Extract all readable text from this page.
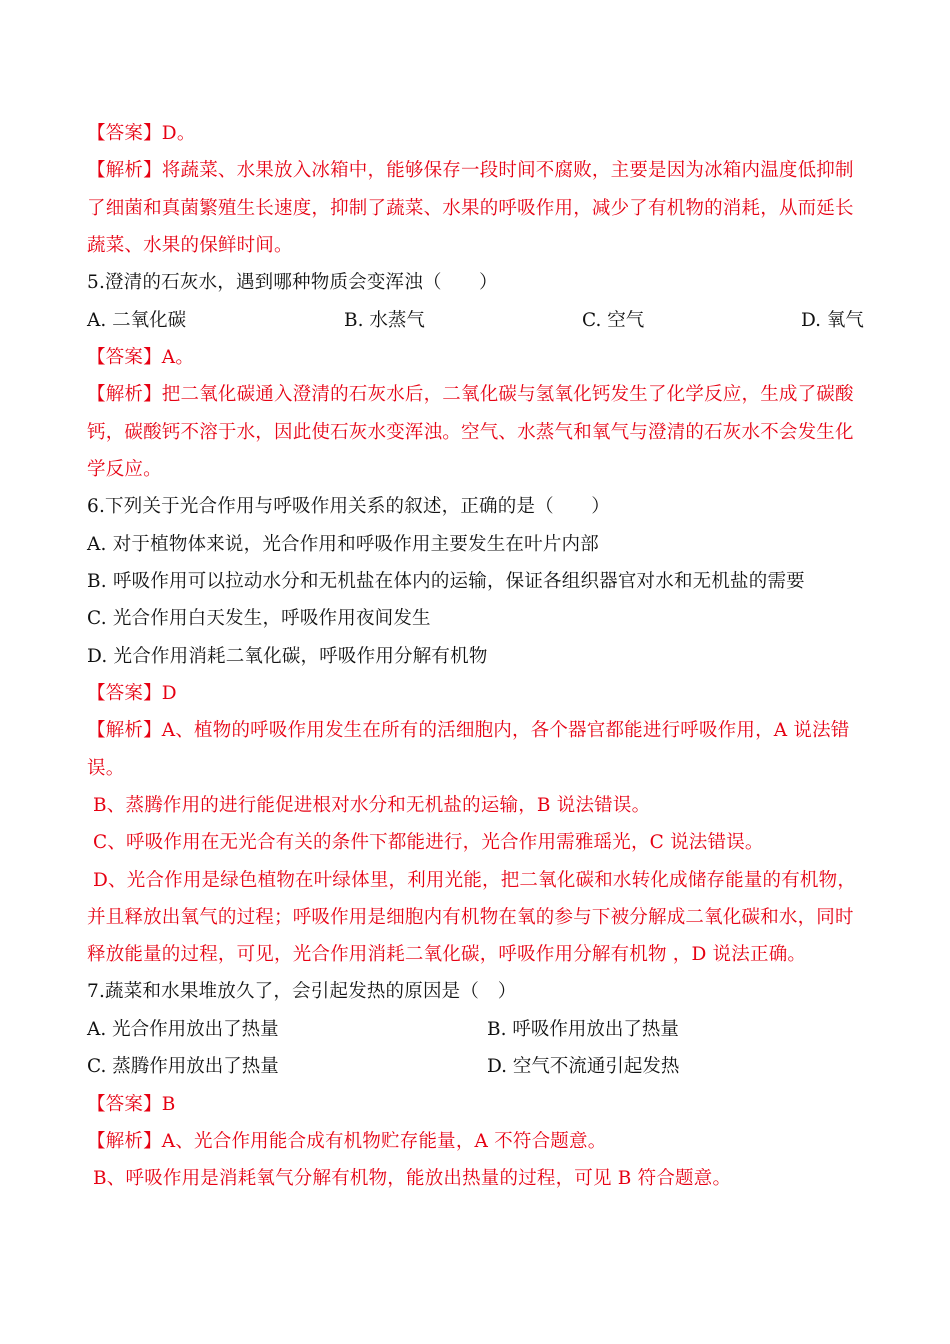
【答案】D。
【解析】将蔬菜、水果放入冰箱中，能够保存一段时间不腐败，主要是因为冰箱内温度低抑制
了细菌和真菌繁殖生长速度，抑制了蔬菜、水果的呼吸作用，减少了有机物的消耗，从而延长
蔬菜、水果的保鲜时间。
5.澄清的石灰水，遇到哪种物质会变浑浊（　　）
A. 二氧化碳	B. 水蒸气	C. 空气	D. 氧气
【答案】A。
【解析】把二氧化碳通入澄清的石灰水后，二氧化碳与氢氧化钙发生了化学反应，生成了碳酸
钙，碳酸钙不溶于水，因此使石灰水变浑浊。空气、水蒸气和氧气与澄清的石灰水不会发生化
学反应。
6.下列关于光合作用与呼吸作用关系的叙述，正确的是（　　）
A. 对于植物体来说，光合作用和呼吸作用主要发生在叶片内部
B. 呼吸作用可以拉动水分和无机盐在体内的运输，保证各组织器官对水和无机盐的需要
C. 光合作用白天发生，呼吸作用夜间发生
D. 光合作用消耗二氧化碳，呼吸作用分解有机物
【答案】D
【解析】A、植物的呼吸作用发生在所有的活细胞内，各个器官都能进行呼吸作用，A 说法错
误。
B、蒸腾作用的进行能促进根对水分和无机盐的运输，B 说法错误。
C、呼吸作用在无光合有关的条件下都能进行，光合作用需雅瑶光，C 说法错误。
D、光合作用是绿色植物在叶绿体里，利用光能，把二氧化碳和水转化成储存能量的有机物，
并且释放出氧气的过程；呼吸作用是细胞内有机物在氧的参与下被分解成二氧化碳和水，同时
释放能量的过程，可见，光合作用消耗二氧化碳，呼吸作用分解有机物 ，D 说法正确。
7.蔬菜和水果堆放久了，会引起发热的原因是（　）
A. 光合作用放出了热量	B. 呼吸作用放出了热量
C. 蒸腾作用放出了热量	D. 空气不流通引起发热
【答案】B
【解析】A、光合作用能合成有机物贮存能量，A 不符合题意。
B、呼吸作用是消耗氧气分解有机物，能放出热量的过程，可见 B 符合题意。
